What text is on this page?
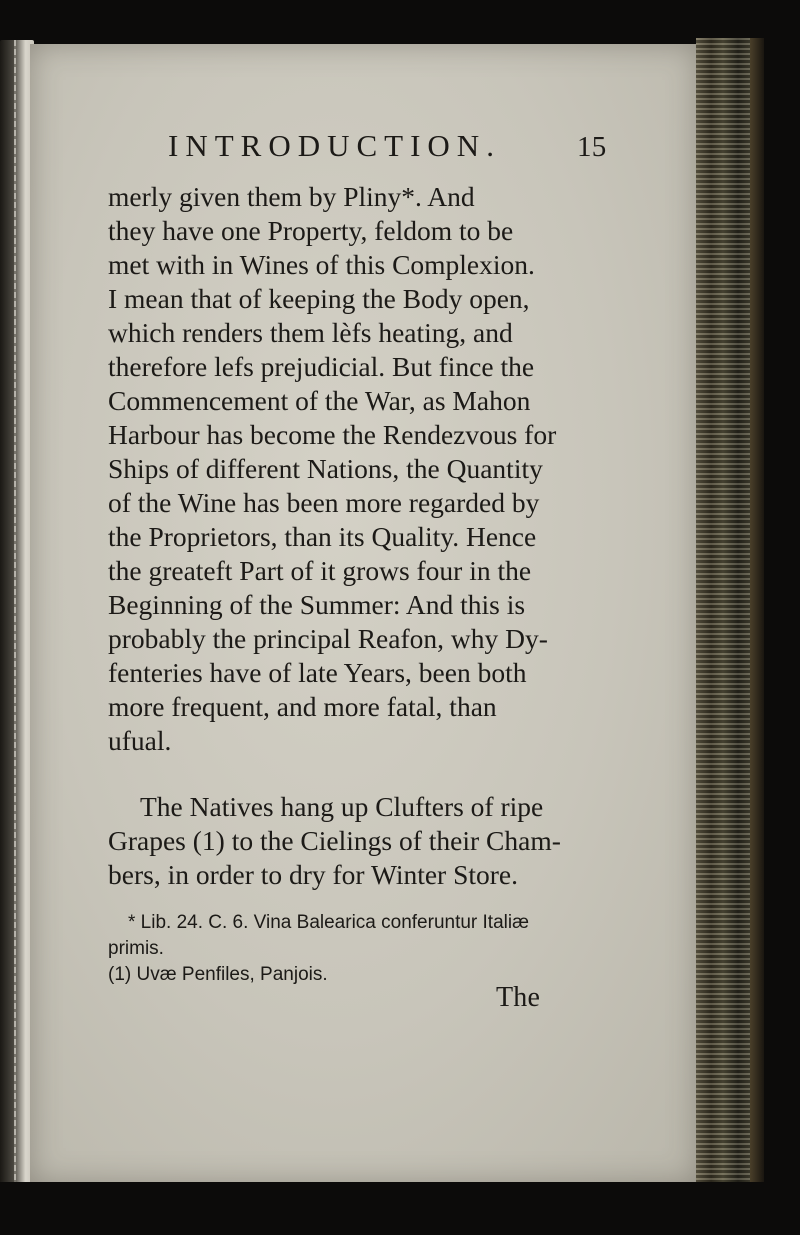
INTRODUCTION.	15
merly given them by Pliny*. And
they have one Property, feldom to be
met with in Wines of this Complexion.
I mean that of keeping the Body open,
which renders them lèfs heating, and
therefore lefs prejudicial. But fince the
Commencement of the War, as Mahon
Harbour has become the Rendezvous for
Ships of different Nations, the Quantity
of the Wine has been more regarded by
the Proprietors, than its Quality. Hence
the greateft Part of it grows four in the
Beginning of the Summer: And this is
probably the principal Reafon, why Dy-
fenteries have of late Years, been both
more frequent, and more fatal, than
ufual.
The Natives hang up Clufters of ripe
Grapes (1) to the Cielings of their Cham-
bers, in order to dry for Winter Store.
* Lib. 24. C. 6. Vina Balearica conferuntur Italiæ
primis.
(1) Uvæ Penfiles, Panjois.
The
